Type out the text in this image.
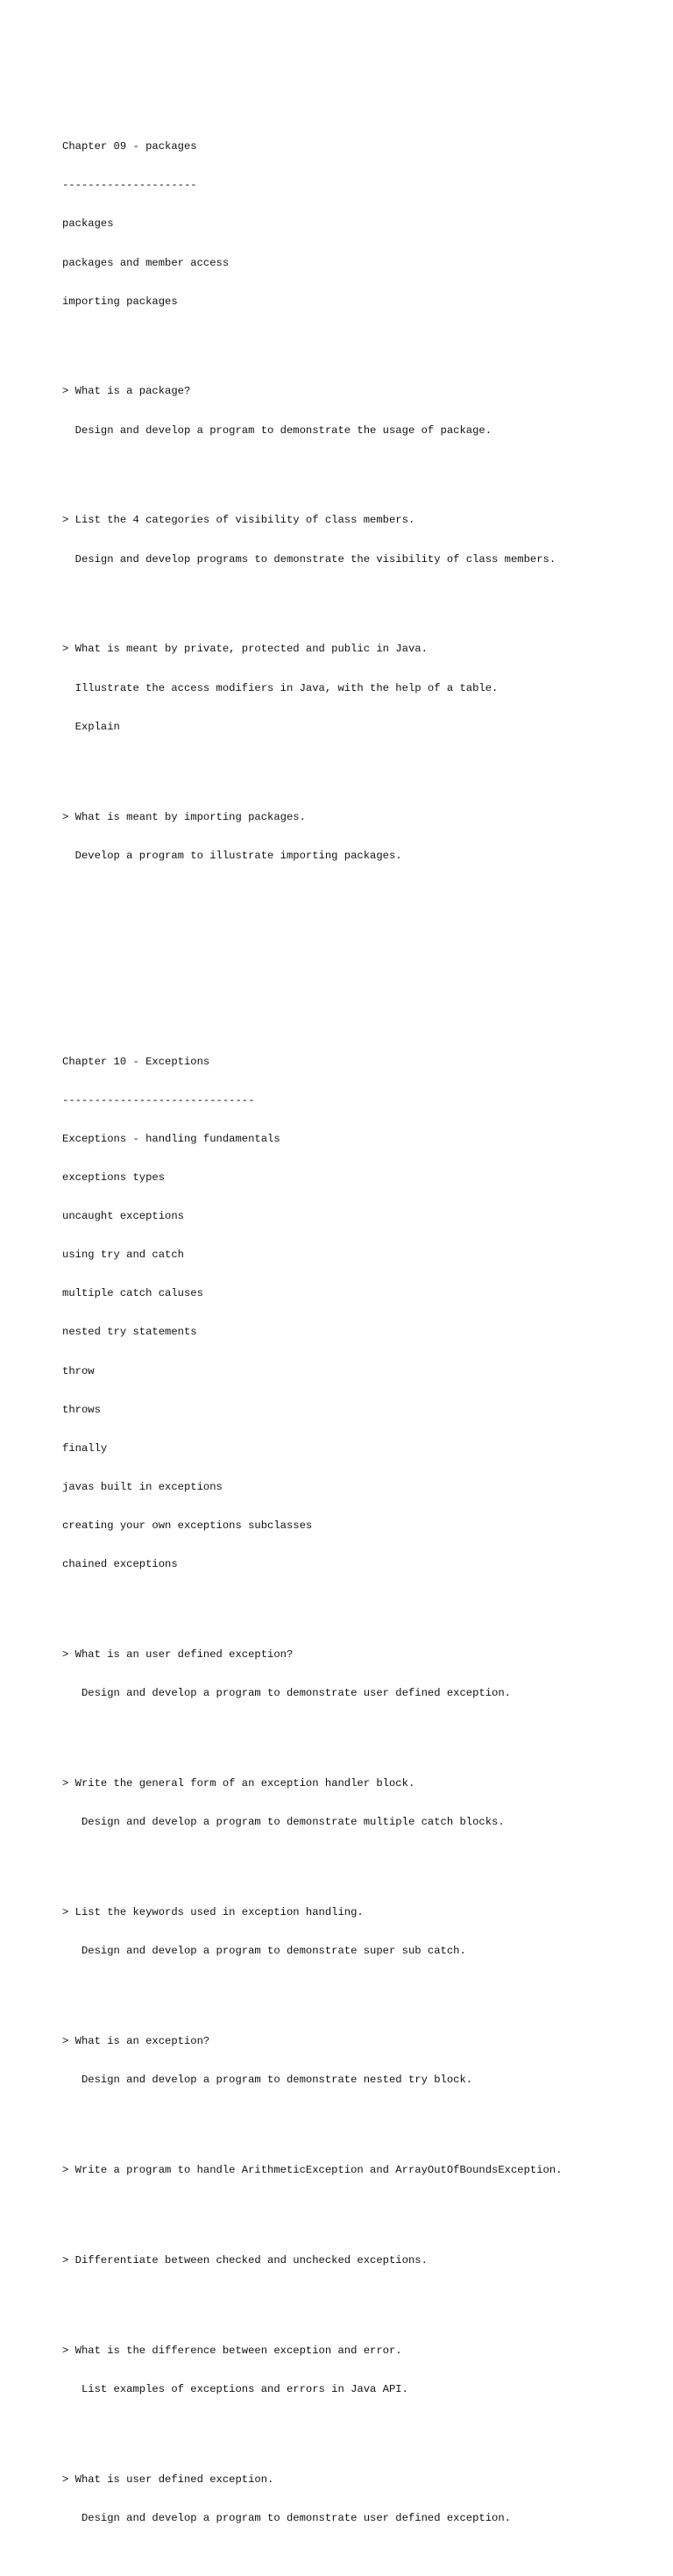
Chapter 09 - packages

---------------------

packages

packages and member access

importing packages

> What is a package?

Design and develop a program to demonstrate the usage of package.

> List the 4 categories of visibility of class members.

Design and develop programs to demonstrate the visibility of class members.

> What is meant by private, protected and public in Java.

Illustrate the access modifiers in Java, with the help of a table.

Explain

> What is meant by importing packages.

Develop a program to illustrate importing packages.

Chapter 10 - Exceptions

------------------------------

Exceptions - handling fundamentals

exceptions types

uncaught exceptions

using try and catch

multiple catch caluses

nested try statements

throw

throws

finally

javas built in exceptions

creating your own exceptions subclasses

chained exceptions

> What is an user defined exception?

Design and develop a program to demonstrate user defined exception.

> Write the general form of an exception handler block.

Design and develop a program to demonstrate multiple catch blocks.

> List the keywords used in exception handling.

Design and develop a program to demonstrate super sub catch.

> What is an exception?

Design and develop a program to demonstrate nested try block.

> Write a program to handle ArithmeticException and ArrayOutOfBoundsException.

> Differentiate between checked and unchecked exceptions.

> What is the difference between exception and error.

List examples of exceptions and errors in Java API.

> What is user defined exception.

Design and develop a program to demonstrate user defined exception.
